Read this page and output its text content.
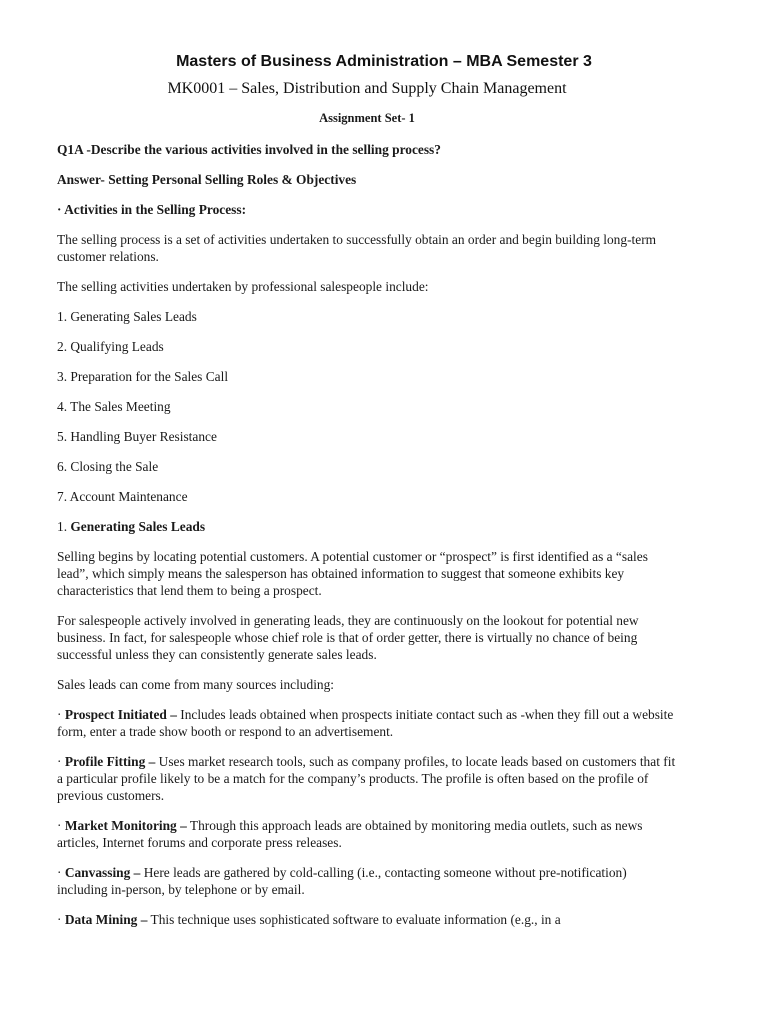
Masters of Business Administration – MBA Semester 3
MK0001 – Sales, Distribution and Supply Chain Management
Assignment Set- 1

Q1A -Describe the various activities involved in the selling process?

Answer- Setting Personal Selling Roles & Objectives

· Activities in the Selling Process:

The selling process is a set of activities undertaken to successfully obtain an order and begin building long-term customer relations.

The selling activities undertaken by professional salespeople include:

1. Generating Sales Leads

2. Qualifying Leads

3. Preparation for the Sales Call

4. The Sales Meeting

5. Handling Buyer Resistance

6. Closing the Sale

7. Account Maintenance

1. Generating Sales Leads

Selling begins by locating potential customers. A potential customer or “prospect” is first identified as a “sales lead”, which simply means the salesperson has obtained information to suggest that someone exhibits key characteristics that lend them to being a prospect.

For salespeople actively involved in generating leads, they are continuously on the lookout for potential new business. In fact, for salespeople whose chief role is that of order getter, there is virtually no chance of being successful unless they can consistently generate sales leads.

Sales leads can come from many sources including:

· Prospect Initiated – Includes leads obtained when prospects initiate contact such as -when they fill out a website form, enter a trade show booth or respond to an advertisement.

· Profile Fitting – Uses market research tools, such as company profiles, to locate leads based on customers that fit a particular profile likely to be a match for the company’s products. The profile is often based on the profile of previous customers.

· Market Monitoring – Through this approach leads are obtained by monitoring media outlets, such as news articles, Internet forums and corporate press releases.

· Canvassing – Here leads are gathered by cold-calling (i.e., contacting someone without pre-notification) including in-person, by telephone or by email.

· Data Mining – This technique uses sophisticated software to evaluate information (e.g., in a
